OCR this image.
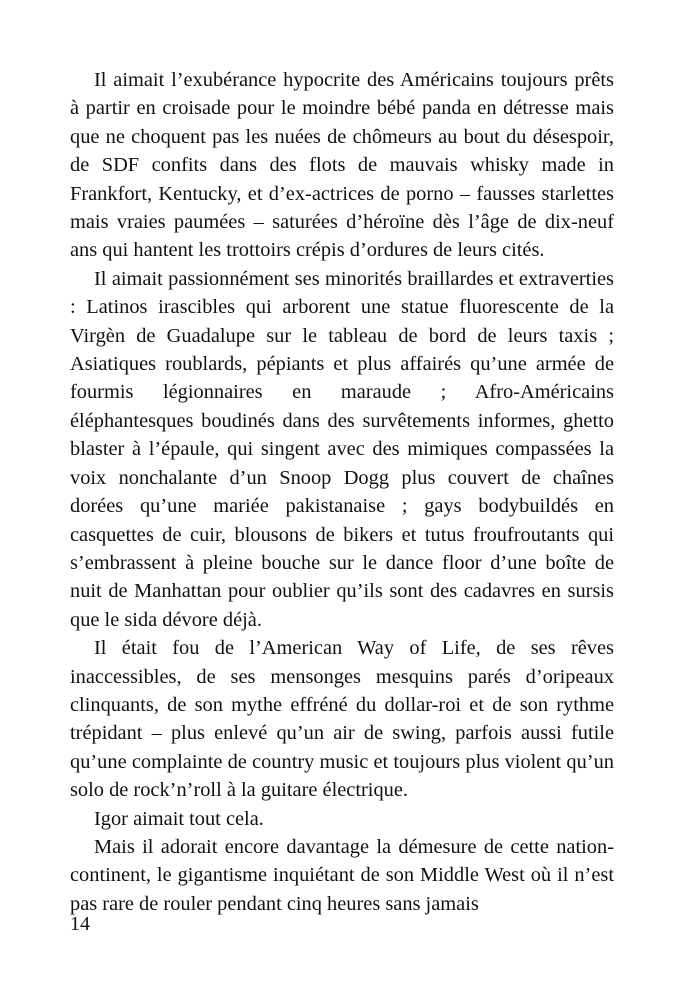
Il aimait l’exubérance hypocrite des Américains toujours prêts à partir en croisade pour le moindre bébé panda en détresse mais que ne choquent pas les nuées de chômeurs au bout du désespoir, de SDF confits dans des flots de mauvais whisky made in Frankfort, Kentucky, et d’ex-actrices de porno – fausses starlettes mais vraies paumées – saturées d’héroïne dès l’âge de dix-neuf ans qui hantent les trottoirs crépis d’ordures de leurs cités.

Il aimait passionnément ses minorités braillardes et extraverties : Latinos irascibles qui arborent une statue fluorescente de la Virgèn de Guadalupe sur le tableau de bord de leurs taxis ; Asiatiques roublards, pépiants et plus affairés qu’une armée de fourmis légionnaires en maraude ; Afro-Américains éléphantesques boudinés dans des survêtements informes, ghetto blaster à l’épaule, qui singent avec des mimiques compassées la voix nonchalante d’un Snoop Dogg plus couvert de chaînes dorées qu’une mariée pakistanaise ; gays bodybuildés en casquettes de cuir, blousons de bikers et tutus froufroutants qui s’embrassent à pleine bouche sur le dance floor d’une boîte de nuit de Manhattan pour oublier qu’ils sont des cadavres en sursis que le sida dévore déjà.

Il était fou de l’American Way of Life, de ses rêves inaccessibles, de ses mensonges mesquins parés d’oripeaux clinquants, de son mythe effréné du dollar-roi et de son rythme trépidant – plus enlevé qu’un air de swing, parfois aussi futile qu’une complainte de country music et toujours plus violent qu’un solo de rock’n’roll à la guitare électrique.

Igor aimait tout cela.

Mais il adorait encore davantage la démesure de cette nation-continent, le gigantisme inquiétant de son Middle West où il n’est pas rare de rouler pendant cinq heures sans jamais

14
